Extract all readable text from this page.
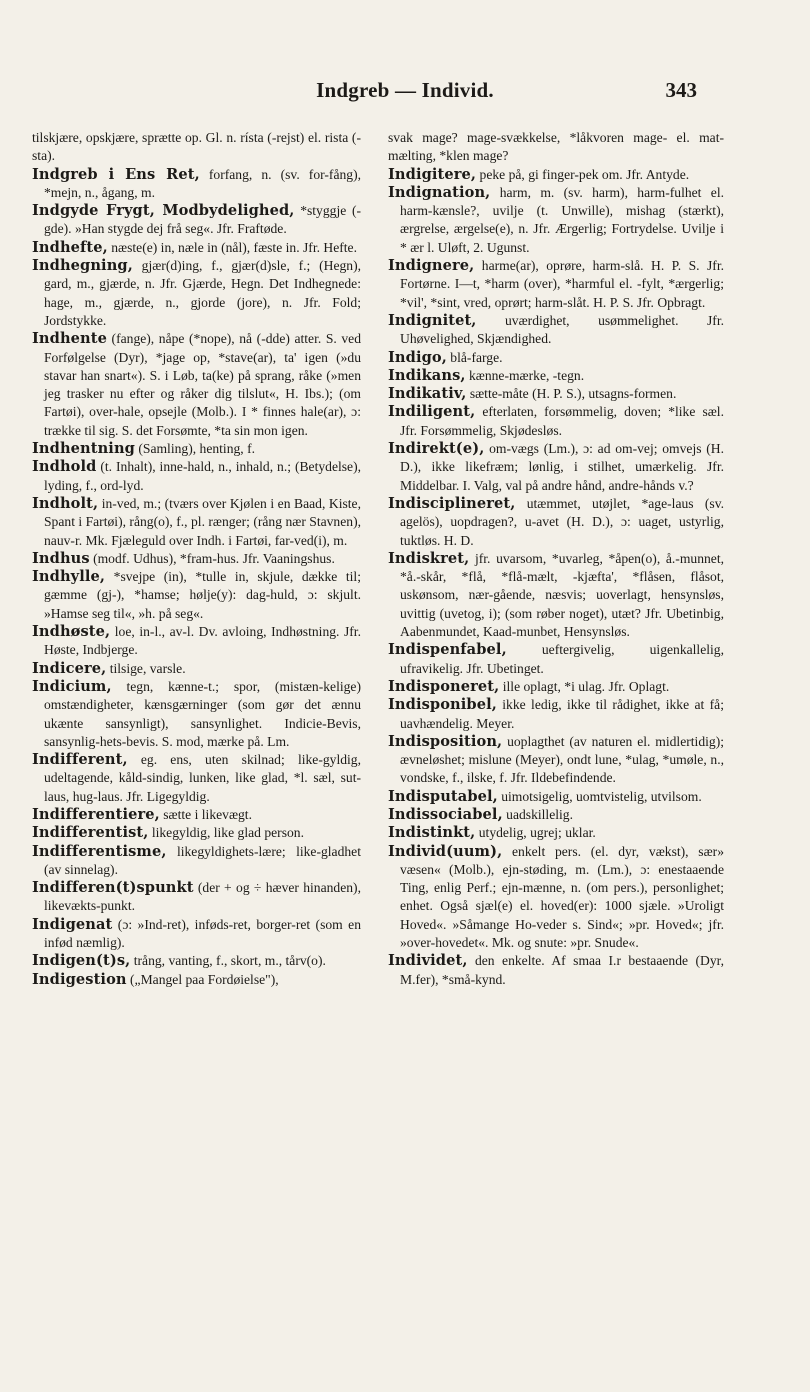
Indgreb — Individ.	343

tilskjære, opskjære, sprætte op. Gl. n. rísta (-rejst) el. rista (-sta).

Indgreb i Ens Ret, forfang, n. (sv. for-fång), *mejn, n., ågang, m.

Indgyde Frygt, Modbydelighed, *styggje (-gde). »Han stygde dej frå seg«. Jfr. Fraftøde.

Indhefte, næste(e) in, næle in (nål), fæste in. Jfr. Hefte.

Indhegning, gjær(d)ing, f., gjær(d)sle, f.; (Hegn), gard, m., gjærde, n. Jfr. Gjærde, Hegn. Det Indhegnede: hage, m., gjærde, n., gjorde (jore), n. Jfr. Fold; Jordstykke.

Indhente (fange), nåpe (*nope), nå (-dde) atter. S. ved Forfølgelse (Dyr), *jage op, *stave(ar), ta' igen (»du stavar han snart«). S. i Løb, ta(ke) på sprang, råke (»men jeg trasker nu efter og råker dig tilslut«, H. Ibs.); (om Fartøi), over-hale, opsejle (Molb.). I * finnes hale(ar), ɔ: trække til sig. S. det Forsømte, *ta sin mon igen.

Indhentning (Samling), henting, f.

Indhold (t. Inhalt), inne-hald, n., inhald, n.; (Betydelse), lyding, f., ord-lyd.

Indholt, in-ved, m.; (tværs over Kjølen i en Baad, Kiste, Spant i Fartøi), rång(o), f., pl. rænger; (rång nær Stavnen), nauv-r. Mk. Fjæleguld over Indh. i Fartøi, far-ved(i), m.

Indhus (modf. Udhus), *fram-hus. Jfr. Vaaningshus.

Indhylle, *svejpe (in), *tulle in, skjule, dække til; gæmme (gj-), *hamse; hølje(y): dag-huld, ɔ: skjult. »Hamse seg til«, »h. på seg«.

Indhøste, loe, in-l., av-l. Dv. avloing, Indhøstning. Jfr. Høste, Indbjerge.

Indicere, tilsige, varsle.

Indicium, tegn, kænne-t.; spor, (mistæn-kelige) omstændigheter, kænsgærninger (som gør det ænnu ukænte sansynligt), sansynlighet. Indicie-Bevis, sansynlig-hets-bevis. S. mod, mærke på. Lm.

Indifferent, eg. ens, uten skilnad; like-gyldig, udeltagende, kåld-sindig, lunken, like glad, *l. sæl, sut-laus, hug-laus. Jfr. Ligegyldig.

Indifferentiere, sætte i likevægt.

Indifferentist, likegyldig, like glad person.

Indifferentisme, likegyldighets-lære; like-gladhet (av sinnelag).

Indifferen(t)spunkt (der + og ÷ hæver hinanden), likevækts-punkt.

Indigenat (ɔ: »Ind-ret), inføds-ret, borger-ret (som en infød næmlig).

Indigen(t)s, trång, vanting, f., skort, m., tårv(o).

Indigestion („Mangel paa Fordøielse"),

svak mage? mage-svækkelse, *låkvoren mage- el. mat-mælting, *klen mage?

Indigitere, peke på, gi finger-pek om. Jfr. Antyde.

Indignation, harm, m. (sv. harm), harm-fulhet el. harm-kænsle?, uvilje (t. Unwille), mishag (stærkt), ærgrelse, ærgelse(e), n. Jfr. Ærgerlig; Fortrydelse. Uvilje i * ær l. Uløft, 2. Ugunst.

Indignere, harme(ar), oprøre, harm-slå. H. P. S. Jfr. Fortørne. I—t, *harm (over), *harmful el. -fylt, *ærgerlig; *vil', *sint, vred, oprørt; harm-slåt. H. P. S. Jfr. Opbragt.

Indignitet, uværdighet, usømmelighet. Jfr. Uhøvelighed, Skjændighed.

Indigo, blå-farge.

Indikans, kænne-mærke, -tegn.

Indikativ, sætte-måte (H. P. S.), utsagns-formen.

Indiligent, efterlaten, forsømmelig, doven; *like sæl. Jfr. Forsømmelig, Skjødesløs.

Indirekt(e), om-vægs (Lm.), ɔ: ad om-vej; omvejs (H. D.), ikke likefræm; lønlig, i stilhet, umærkelig. Jfr. Middelbar. I. Valg, val på andre hånd, andre-hånds v.?

Indisciplineret, utæmmet, utøjlet, *age-laus (sv. agelös), uopdragen?, u-avet (H. D.), ɔ: uaget, ustyrlig, tuktløs. H. D.

Indiskret, jfr. uvarsom, *uvarleg, *åpen(o), å.-munnet, *å.-skår, *flå, *flå-mælt, -kjæfta', *flåsen, flåsot, uskønsom, nær-gående, næsvis; uoverlagt, hensynsløs, uvittig (uvetog, i); (som røber noget), utæt? Jfr. Ubetinbig, Aabenmundet, Kaad-munbet, Hensynsløs.

Indispenfabel, ueftergivelig, uigenkallelig, ufravikelig. Jfr. Ubetinget.

Indisponeret, ille oplagt, *i ulag. Jfr. Oplagt.

Indisponibel, ikke ledig, ikke til rådighet, ikke at få; uavhændelig. Meyer.

Indisposition, uoplagthet (av naturen el. midlertidig); ævneløshet; mislune (Meyer), ondt lune, *ulag, *umøle, n., vondske, f., ilske, f. Jfr. Ildebefindende.

Indisputabel, uimotsigelig, uomtvistelig, utvilsom.

Indissociabel, uadskillelig.

Indistinkt, utydelig, ugrej; uklar.

Individ(uum), enkelt pers. (el. dyr, vækst), sær» væsen« (Molb.), ejn-støding, m. (Lm.), ɔ: enestaaende Ting, enlig Perf.; ejn-mænne, n. (om pers.), personlighet; enhet. Også sjæl(e) el. hoved(er): 1000 sjæle. »Uroligt Hoved«. »Såmange Ho-veder s. Sind«; »pr. Hoved«; jfr. »over-hovedet«. Mk. og snute: »pr. Snude«.

Individet, den enkelte. Af smaa I.r bestaaende (Dyr, M.fer), *små-kynd.
